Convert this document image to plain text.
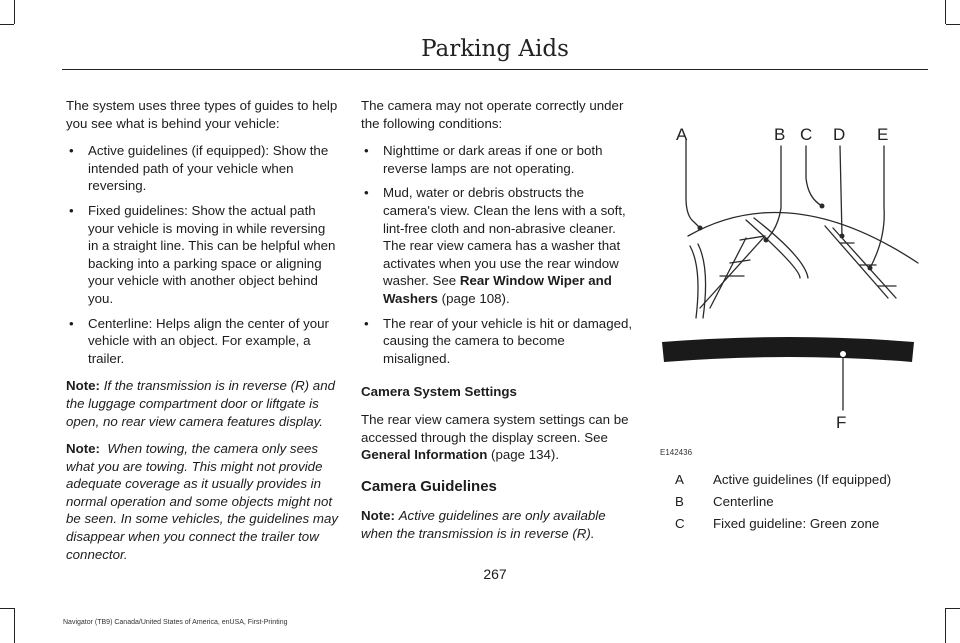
Parking Aids

The system uses three types of guides to help you see what is behind your vehicle:

• Active guidelines (if equipped): Show the intended path of your vehicle when reversing.
• Fixed guidelines: Show the actual path your vehicle is moving in while reversing in a straight line. This can be helpful when backing into a parking space or aligning your vehicle with another object behind you.
• Centerline: Helps align the center of your vehicle with an object. For example, a trailer.

Note: If the transmission is in reverse (R) and the luggage compartment door or liftgate is open, no rear view camera features display.

Note: When towing, the camera only sees what you are towing. This might not provide adequate coverage as it usually provides in normal operation and some objects might not be seen. In some vehicles, the guidelines may disappear when you connect the trailer tow connector.

The camera may not operate correctly under the following conditions:

• Nighttime or dark areas if one or both reverse lamps are not operating.
• Mud, water or debris obstructs the camera's view. Clean the lens with a soft, lint-free cloth and non-abrasive cleaner. The rear view camera has a washer that activates when you use the rear window washer. See Rear Window Wiper and Washers (page 108).
• The rear of your vehicle is hit or damaged, causing the camera to become misaligned.

Camera System Settings

The rear view camera system settings can be accessed through the display screen. See General Information (page 134).

Camera Guidelines

Note: Active guidelines are only available when the transmission is in reverse (R).

A	B C D E
F
E142436
A	Active guidelines (If equipped)
B	Centerline
C	Fixed guideline: Green zone
267
Navigator (TB9) Canada/United States of America, enUSA, First-Printing
